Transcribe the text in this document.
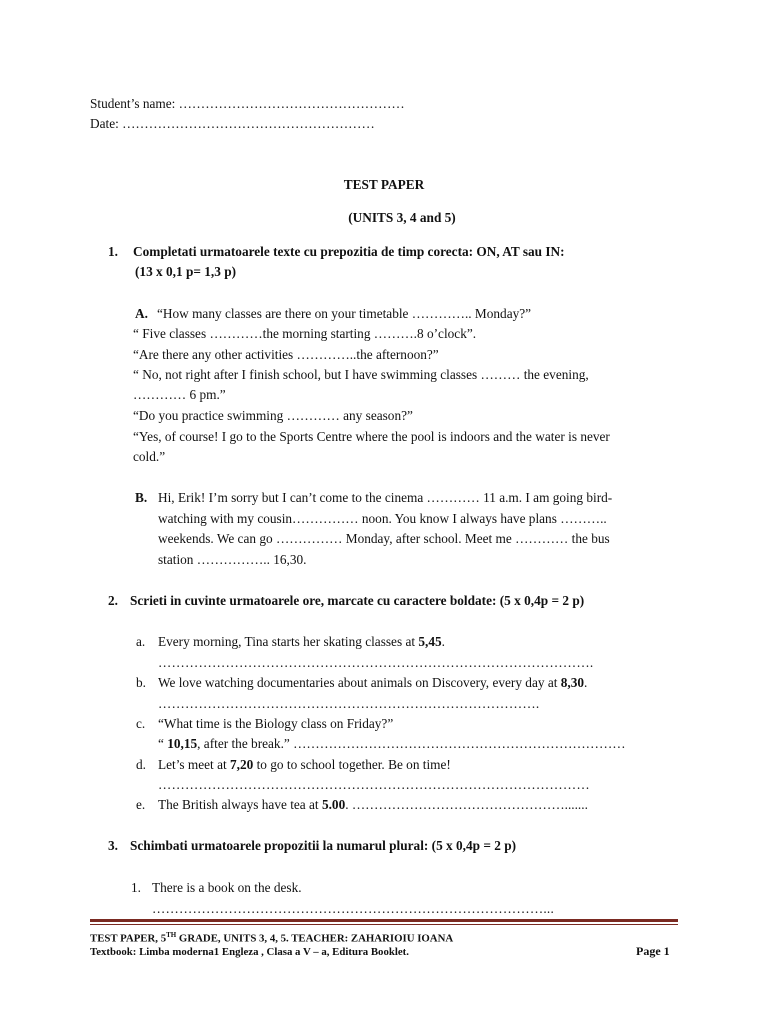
Student’s name: ……………………………………………
Date: …………………………………………………
TEST PAPER
(UNITS 3, 4 and 5)
1. Completati urmatoarele texte cu prepozitia de timp corecta: ON, AT sau IN:
(13 x 0,1 p= 1,3 p)
A. “How many classes are there on your timetable ………….. Monday?”
“ Five classes …………the morning starting ……….8 o’clock”.
“Are there any other activities …………..the afternoon?”
“ No, not right after I finish school, but I have swimming classes ……… the evening,
………… 6 pm.”
“Do you practice swimming ………… any season?”
“Yes, of course! I go to the Sports Centre where the pool is indoors and the water is never
cold.”
B. Hi, Erik! I’m sorry but I can’t come to the cinema ………… 11 a.m. I am going bird-
watching with my cousin…………… noon. You know I always have plans ………..
weekends. We can go …………… Monday, after school. Meet me ………… the bus
station …………….. 16,30.
2. Scrieti in cuvinte urmatoarele ore, marcate cu caractere boldate: (5 x 0,4p = 2 p)
a. Every morning, Tina starts her skating classes at 5,45.
…………………………………………………………………………………….
b. We love watching documentaries about animals on Discovery, every day at 8,30.
………………………………………………………………………….
c. “What time is the Biology class on Friday?”
“ 10,15, after the break.” …………………………………………………………………
d. Let’s meet at 7,20 to go to school together. Be on time!
……………………………………………………………………………………
e. The British always have tea at 5.00. ………………………………………….......
3. Schimbati urmatoarele propozitii la numarul plural: (5 x 0,4p = 2 p)
1. There is a book on the desk.
……………………………………………………………………………...
TEST PAPER, 5TH GRADE, UNITS 3, 4, 5. TEACHER: ZAHARIOIU IOANA
Textbook: Limba moderna1 Engleza , Clasa a V – a, Editura Booklet.	Page 1
